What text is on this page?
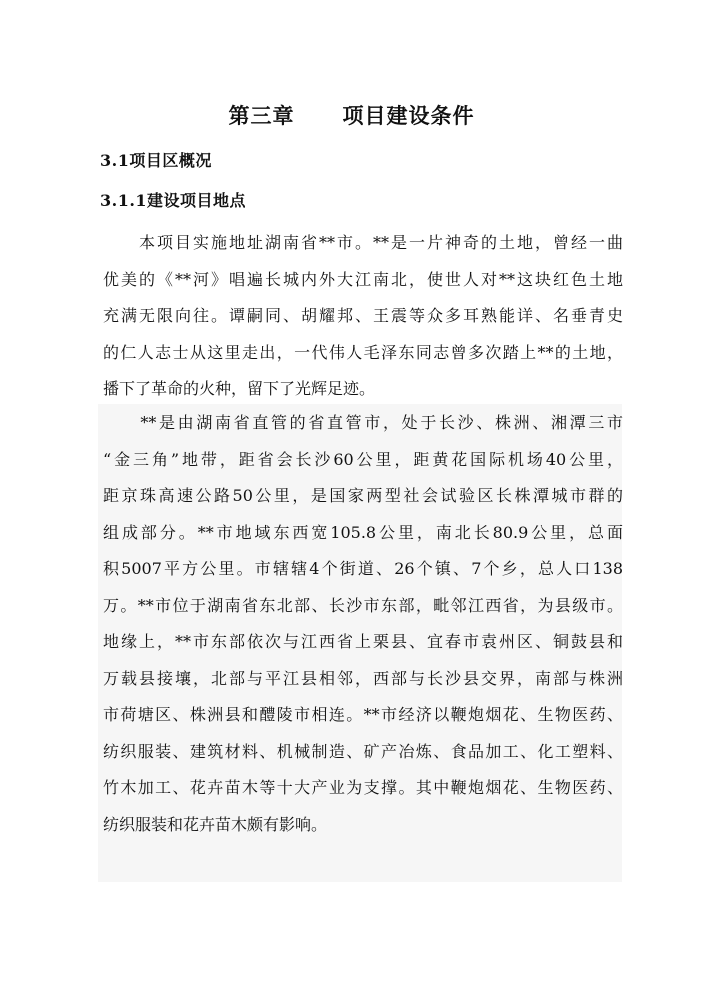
第三章 项目建设条件
3.1项目区概况
3.1.1建设项目地点
　　本项目实施地址湖南省**市。**是一片神奇的土地，曾经一曲
优美的《**河》唱遍长城内外大江南北，使世人对**这块红色土地
充满无限向往。谭嗣同、胡耀邦、王震等众多耳熟能详、名垂青史
的仁人志士从这里走出，一代伟人毛泽东同志曾多次踏上**的土地，
播下了革命的火种，留下了光辉足迹。
　　**是由湖南省直管的省直管市，处于长沙、株洲、湘潭三市
“金三角”地带，距省会长沙60公里，距黄花国际机场40公里，
距京珠高速公路50公里，是国家两型社会试验区长株潭城市群的
组成部分。**市地域东西宽105.8公里，南北长80.9公里，总面
积5007平方公里。市辖辖4个街道、26个镇、7个乡，总人口138
万。**市位于湖南省东北部、长沙市东部，毗邻江西省，为县级市。
地缘上，**市东部依次与江西省上栗县、宜春市袁州区、铜鼓县和
万载县接壤，北部与平江县相邻，西部与长沙县交界，南部与株洲
市荷塘区、株洲县和醴陵市相连。**市经济以鞭炮烟花、生物医药、
纺织服装、建筑材料、机械制造、矿产冶炼、食品加工、化工塑料、
竹木加工、花卉苗木等十大产业为支撑。其中鞭炮烟花、生物医药、
纺织服装和花卉苗木颇有影响。
